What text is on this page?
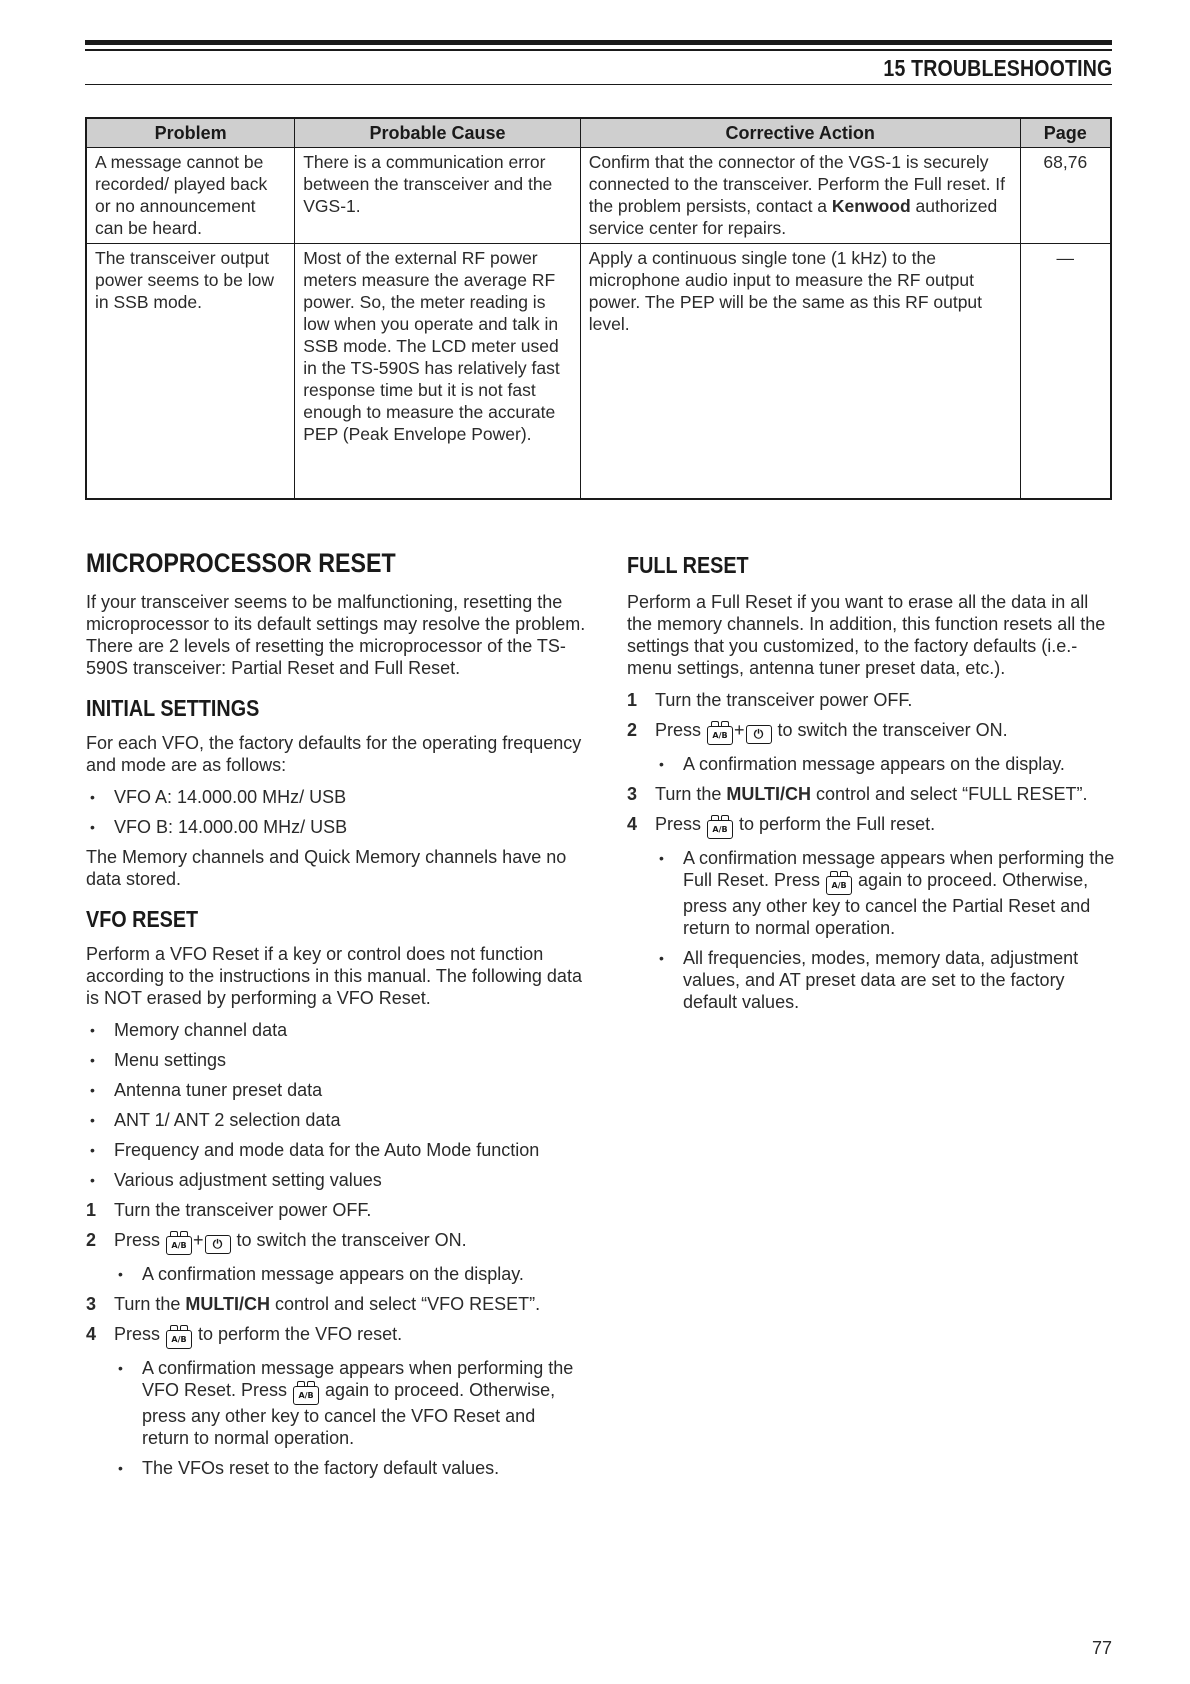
15 TROUBLESHOOTING
Problem	Probable Cause	Corrective Action	Page
A message cannot be recorded/ played back or no announcement can be heard.	There is a communication error between the transceiver and the VGS-1.	Confirm that the connector of the VGS-1 is securely connected to the transceiver. Perform the Full reset. If the problem persists, contact a Kenwood authorized service center for repairs.	68,76
The transceiver output power seems to be low in SSB mode.	Most of the external RF power meters measure the average RF power. So, the meter reading is low when you operate and talk in SSB mode. The LCD meter used in the TS-590S has relatively fast response time but it is not fast enough to measure the accurate PEP (Peak Envelope Power).	Apply a continuous single tone (1 kHz) to the microphone audio input to measure the RF output power. The PEP will be the same as this RF output level.	—
MICROPROCESSOR RESET

If your transceiver seems to be malfunctioning, resetting the microprocessor to its default settings may resolve the problem. There are 2 levels of resetting the microprocessor of the TS-590S transceiver: Partial Reset and Full Reset.

INITIAL SETTINGS

For each VFO, the factory defaults for the operating frequency and mode are as follows:

• VFO A: 14.000.00 MHz/ USB
• VFO B: 14.000.00 MHz/ USB

The Memory channels and Quick Memory channels have no data stored.

VFO RESET

Perform a VFO Reset if a key or control does not function according to the instructions in this manual. The following data is NOT erased by performing a VFO Reset.

• Memory channel data
• Menu settings
• Antenna tuner preset data
• ANT 1/ ANT 2 selection data
• Frequency and mode data for the Auto Mode function
• Various adjustment setting values
1 Turn the transceiver power OFF.
2 Press A/B + ⏻ to switch the transceiver ON.
• A confirmation message appears on the display.
3 Turn the MULTI/CH control and select “VFO RESET”.
4 Press A/B to perform the VFO reset.
• A confirmation message appears when performing the VFO Reset. Press A/B again to proceed. Otherwise, press any other key to cancel the VFO Reset and return to normal operation.
• The VFOs reset to the factory default values.
FULL RESET

Perform a Full Reset if you want to erase all the data in all the memory channels. In addition, this function resets all the settings that you customized, to the factory defaults (i.e.- menu settings, antenna tuner preset data, etc.).

1 Turn the transceiver power OFF.
2 Press A/B + ⏻ to switch the transceiver ON.
• A confirmation message appears on the display.
3 Turn the MULTI/CH control and select “FULL RESET”.
4 Press A/B to perform the Full reset.
• A confirmation message appears when performing the Full Reset. Press A/B again to proceed. Otherwise, press any other key to cancel the Partial Reset and return to normal operation.
• All frequencies, modes, memory data, adjustment values, and AT preset data are set to the factory default values.
77
